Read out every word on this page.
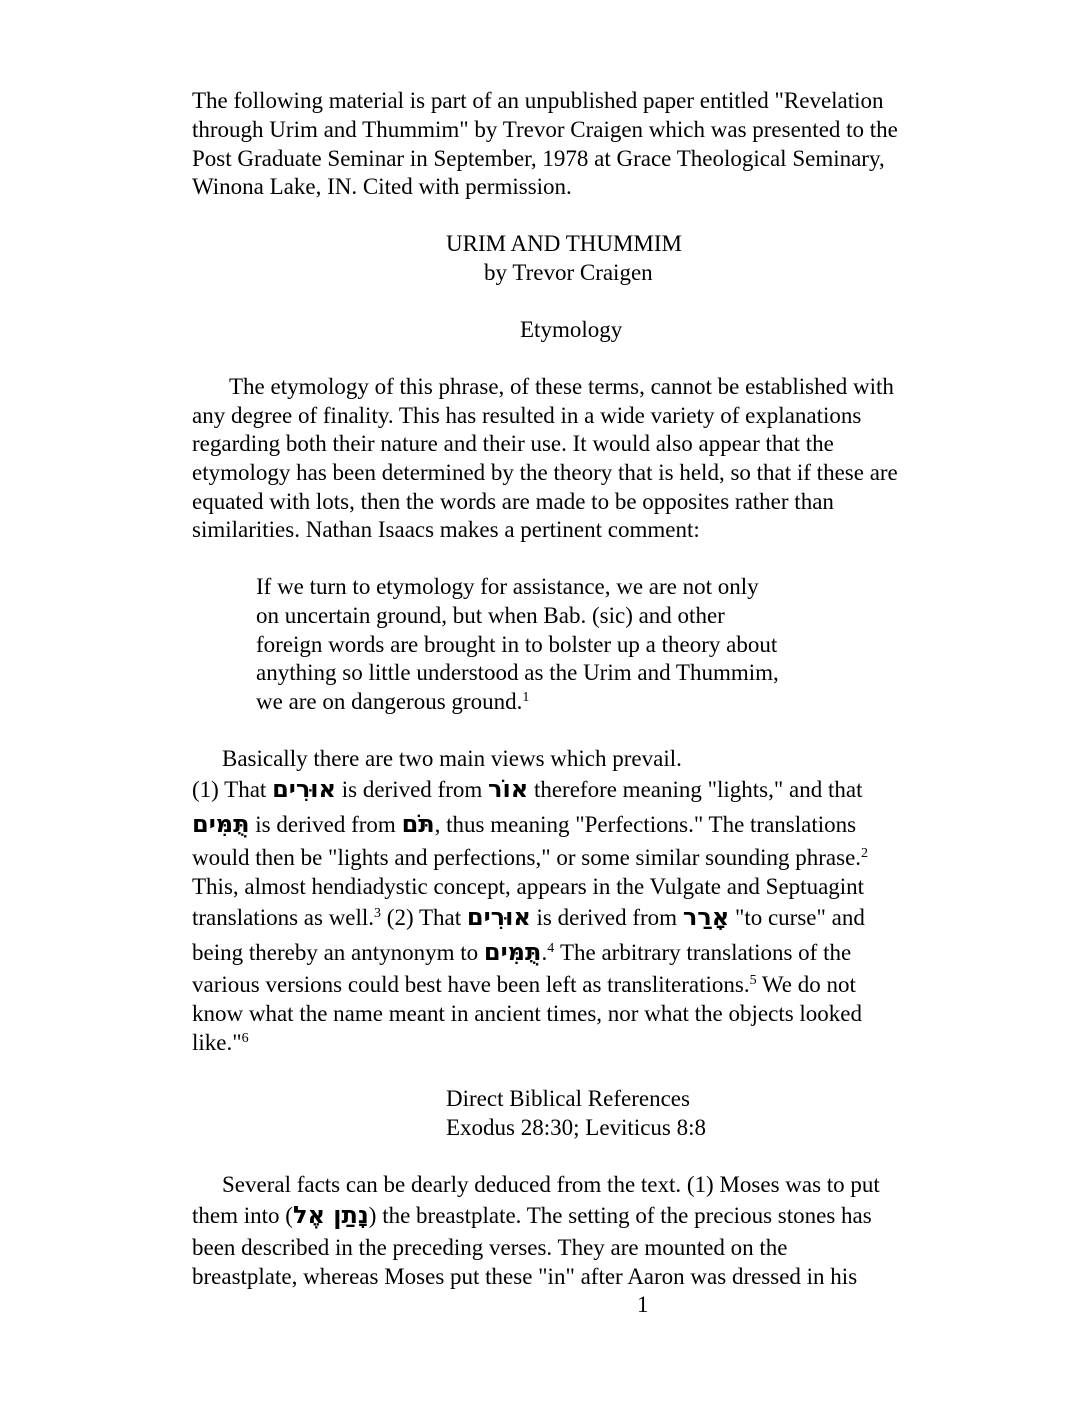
The following material is part of an unpublished paper entitled "Revelation
through Urim and Thummim" by Trevor Craigen which was presented to the
Post Graduate Seminar in September, 1978 at Grace Theological Seminary,
Winona Lake, IN. Cited with permission.
URIM AND THUMMIM
by Trevor Craigen
Etymology
The etymology of this phrase, of these terms, cannot be established with
any degree of finality. This has resulted in a wide variety of explanations
regarding both their nature and their use. It would also appear that the
etymology has been determined by the theory that is held, so that if these are
equated with lots, then the words are made to be opposites rather than
similarities. Nathan Isaacs makes a pertinent comment:
If we turn to etymology for assistance, we are not only
on uncertain ground, but when Bab. (sic) and other
foreign words are brought in to bolster up a theory about
anything so little understood as the Urim and Thummim,
we are on dangerous ground.$^1$
Basically there are two main views which prevail.
(1) That אוּרִים is derived from אוֹר therefore meaning "lights," and that
תֻּמִּים is derived from תֹּם, thus meaning "Perfections." The translations
would then be "lights and perfections," or some similar sounding phrase.$^2$
This, almost hendiadystic concept, appears in the Vulgate and Septuagint
translations as well.$^3$ (2) That אוּרִים is derived from אָרַר "to curse" and
being thereby an antynonym to תֻּמִּים.$^4$ The arbitrary translations of the
various versions could best have been left as transliterations.$^5$ We do not
know what the name meant in ancient times, nor what the objects looked
like."$^6$
Direct Biblical References
Exodus 28:30; Leviticus 8:8
Several facts can be dearly deduced from the text. (1) Moses was to put
them into (נָתַן אֶל) the breastplate. The setting of the precious stones has
been described in the preceding verses. They are mounted on the
breastplate, whereas Moses put these "in" after Aaron was dressed in his
1
